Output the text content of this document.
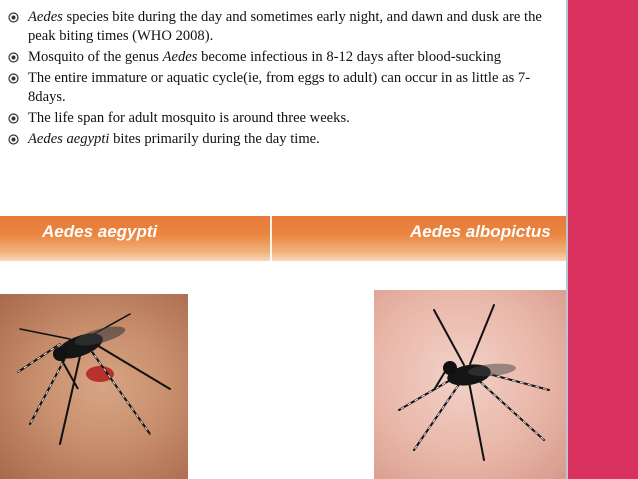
Aedes species bite during the day and sometimes early night, and dawn and dusk are the peak biting times (WHO 2008).
Mosquito of the genus Aedes become infectious in 8-12 days after blood-sucking
The entire immature or aquatic cycle(ie, from eggs to adult) can occur in as little as 7-8days.
The life span for adult mosquito is around three weeks.
Aedes aegypti bites primarily during the day time.
Aedes aegypti	Aedes albopictus
